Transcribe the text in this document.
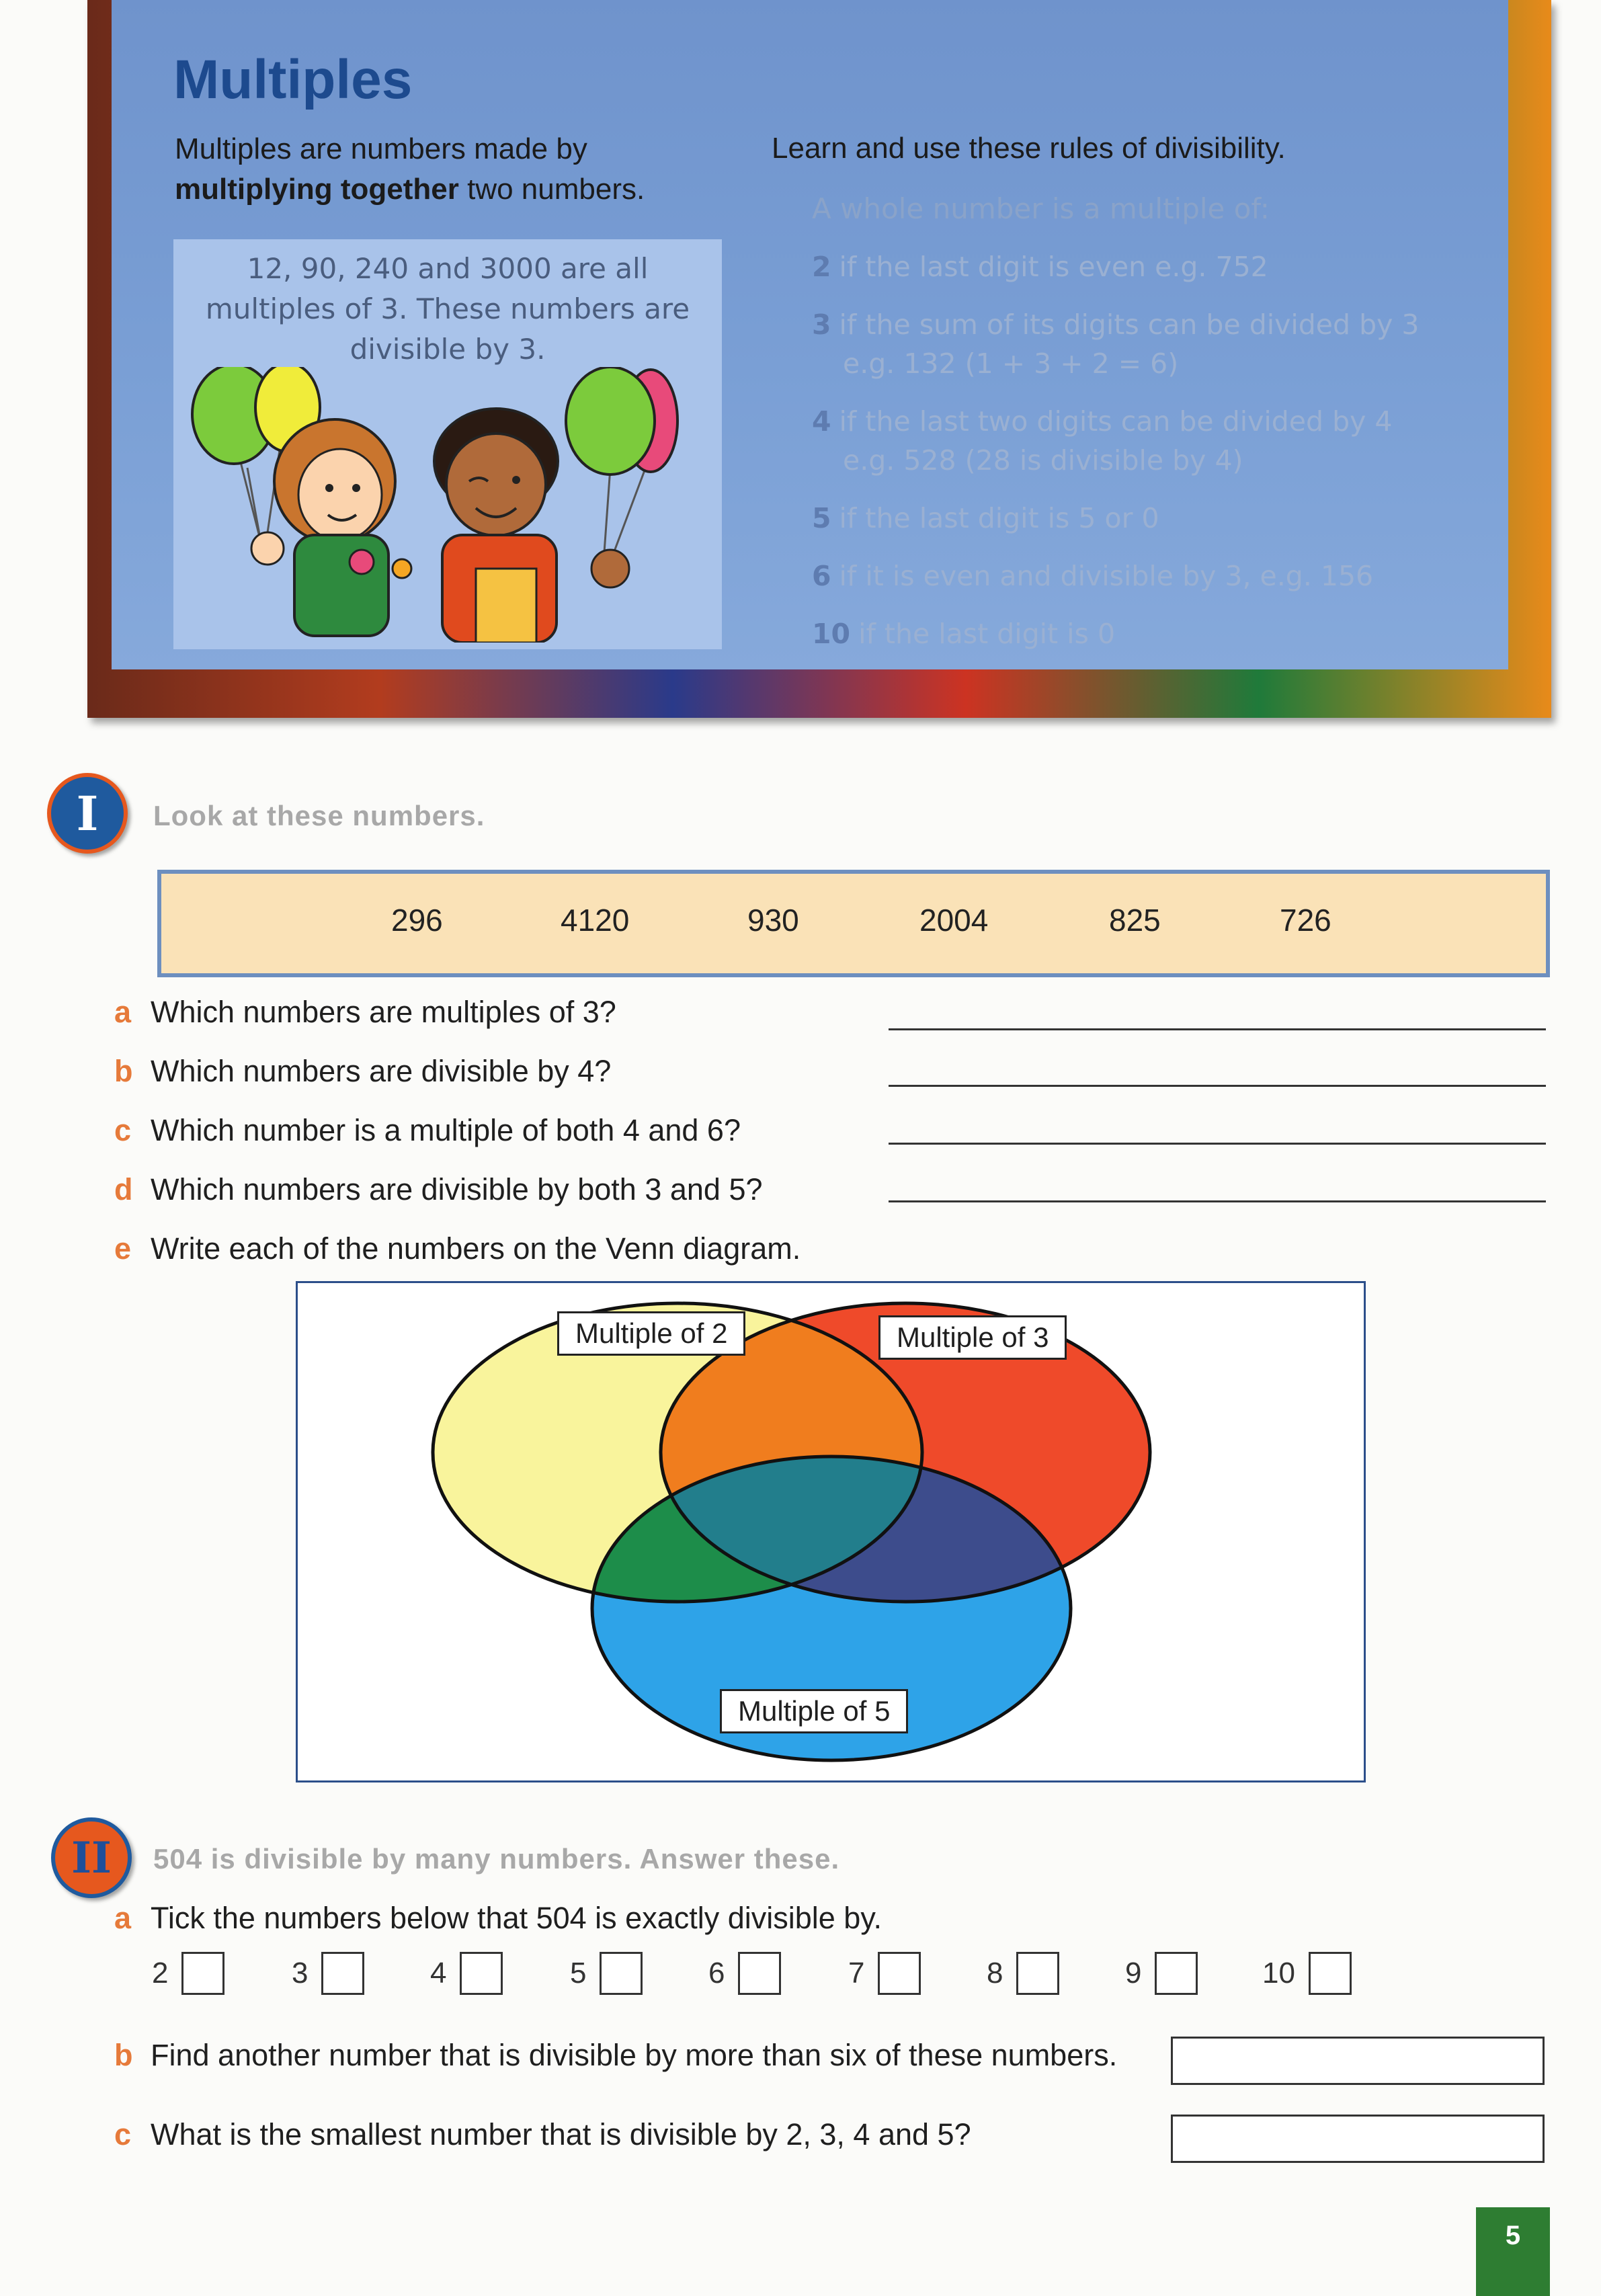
Multiples

Multiples are numbers made by
multiplying together two numbers.

12, 90, 240 and 3000 are all multiples of 3. These numbers are divisible by 3.

Learn and use these rules of divisibility.

A whole number is a multiple of:

2 if the last digit is even e.g. 752
3 if the sum of its digits can be divided by 3
e.g. 132 (1 + 3 + 2 = 6)
4 if the last two digits can be divided by 4
e.g. 528 (28 is divisible by 4)
5 if the last digit is 5 or 0
6 if it is even and divisible by 3, e.g. 156
10 if the last digit is 0
I	Look at these numbers.

296	4120	930	2004	825	726

a Which numbers are multiples of 3?

b Which numbers are divisible by 4?

c Which number is a multiple of both 4 and 6?

d Which numbers are divisible by both 3 and 5?

e Write each of the numbers on the Venn diagram.

Multiple of 2	Multiple of 3
Multiple of 5
II	504 is divisible by many numbers. Answer these.

a Tick the numbers below that 504 is exactly divisible by.

2	3	4	5	6	7	8	9	10

b Find another number that is divisible by more than six of these numbers.

c What is the smallest number that is divisible by 2, 3, 4 and 5?

5
